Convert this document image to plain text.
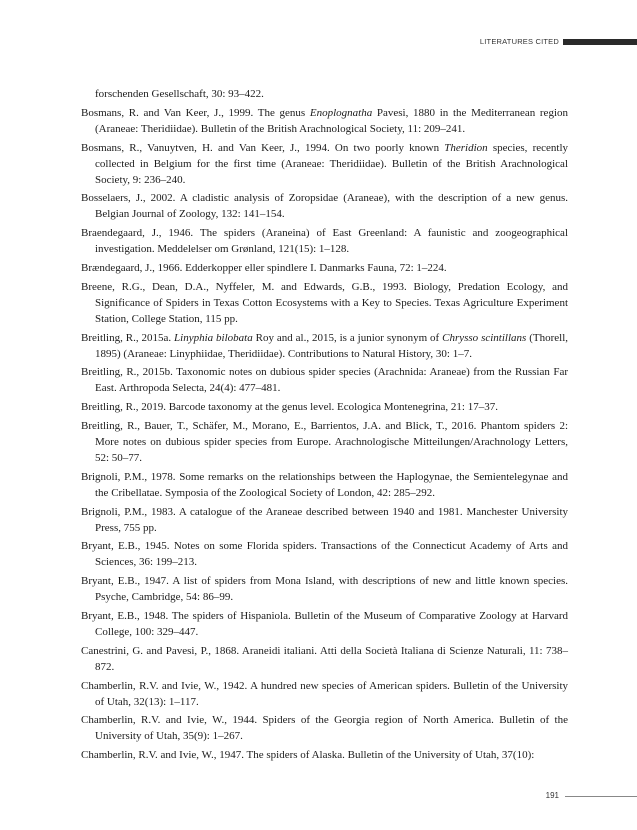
LITERATURES CITED
forschenden Gesellschaft, 30: 93–422.
Bosmans, R. and Van Keer, J., 1999. The genus Enoplognatha Pavesi, 1880 in the Mediterranean region (Araneae: Theridiidae). Bulletin of the British Arachnological Society, 11: 209–241.
Bosmans, R., Vanuytven, H. and Van Keer, J., 1994. On two poorly known Theridion species, recently collected in Belgium for the first time (Araneae: Theridiidae). Bulletin of the British Arachnological Society, 9: 236–240.
Bosselaers, J., 2002. A cladistic analysis of Zoropsidae (Araneae), with the description of a new genus. Belgian Journal of Zoology, 132: 141–154.
Braendegaard, J., 1946. The spiders (Araneina) of East Greenland: A faunistic and zoogeographical investigation. Meddelelser om Grønland, 121(15): 1–128.
Brændegaard, J., 1966. Edderkopper eller spindlere I. Danmarks Fauna, 72: 1–224.
Breene, R.G., Dean, D.A., Nyffeler, M. and Edwards, G.B., 1993. Biology, Predation Ecology, and Significance of Spiders in Texas Cotton Ecosystems with a Key to Species. Texas Agriculture Experiment Station, College Station, 115 pp.
Breitling, R., 2015a. Linyphia bilobata Roy and al., 2015, is a junior synonym of Chrysso scintillans (Thorell, 1895) (Araneae: Linyphiidae, Theridiidae). Contributions to Natural History, 30: 1–7.
Breitling, R., 2015b. Taxonomic notes on dubious spider species (Arachnida: Araneae) from the Russian Far East. Arthropoda Selecta, 24(4): 477–481.
Breitling, R., 2019. Barcode taxonomy at the genus level. Ecologica Montenegrina, 21: 17–37.
Breitling, R., Bauer, T., Schäfer, M., Morano, E., Barrientos, J.A. and Blick, T., 2016. Phantom spiders 2: More notes on dubious spider species from Europe. Arachnologische Mitteilungen/Arachnology Letters, 52: 50–77.
Brignoli, P.M., 1978. Some remarks on the relationships between the Haplogynae, the Semientelegynae and the Cribellatae. Symposia of the Zoological Society of London, 42: 285–292.
Brignoli, P.M., 1983. A catalogue of the Araneae described between 1940 and 1981. Manchester University Press, 755 pp.
Bryant, E.B., 1945. Notes on some Florida spiders. Transactions of the Connecticut Academy of Arts and Sciences, 36: 199–213.
Bryant, E.B., 1947. A list of spiders from Mona Island, with descriptions of new and little known species. Psyche, Cambridge, 54: 86–99.
Bryant, E.B., 1948. The spiders of Hispaniola. Bulletin of the Museum of Comparative Zoology at Harvard College, 100: 329–447.
Canestrini, G. and Pavesi, P., 1868. Araneidi italiani. Atti della Società Italiana di Scienze Naturali, 11: 738–872.
Chamberlin, R.V. and Ivie, W., 1942. A hundred new species of American spiders. Bulletin of the University of Utah, 32(13): 1–117.
Chamberlin, R.V. and Ivie, W., 1944. Spiders of the Georgia region of North America. Bulletin of the University of Utah, 35(9): 1–267.
Chamberlin, R.V. and Ivie, W., 1947. The spiders of Alaska. Bulletin of the University of Utah, 37(10):
191
